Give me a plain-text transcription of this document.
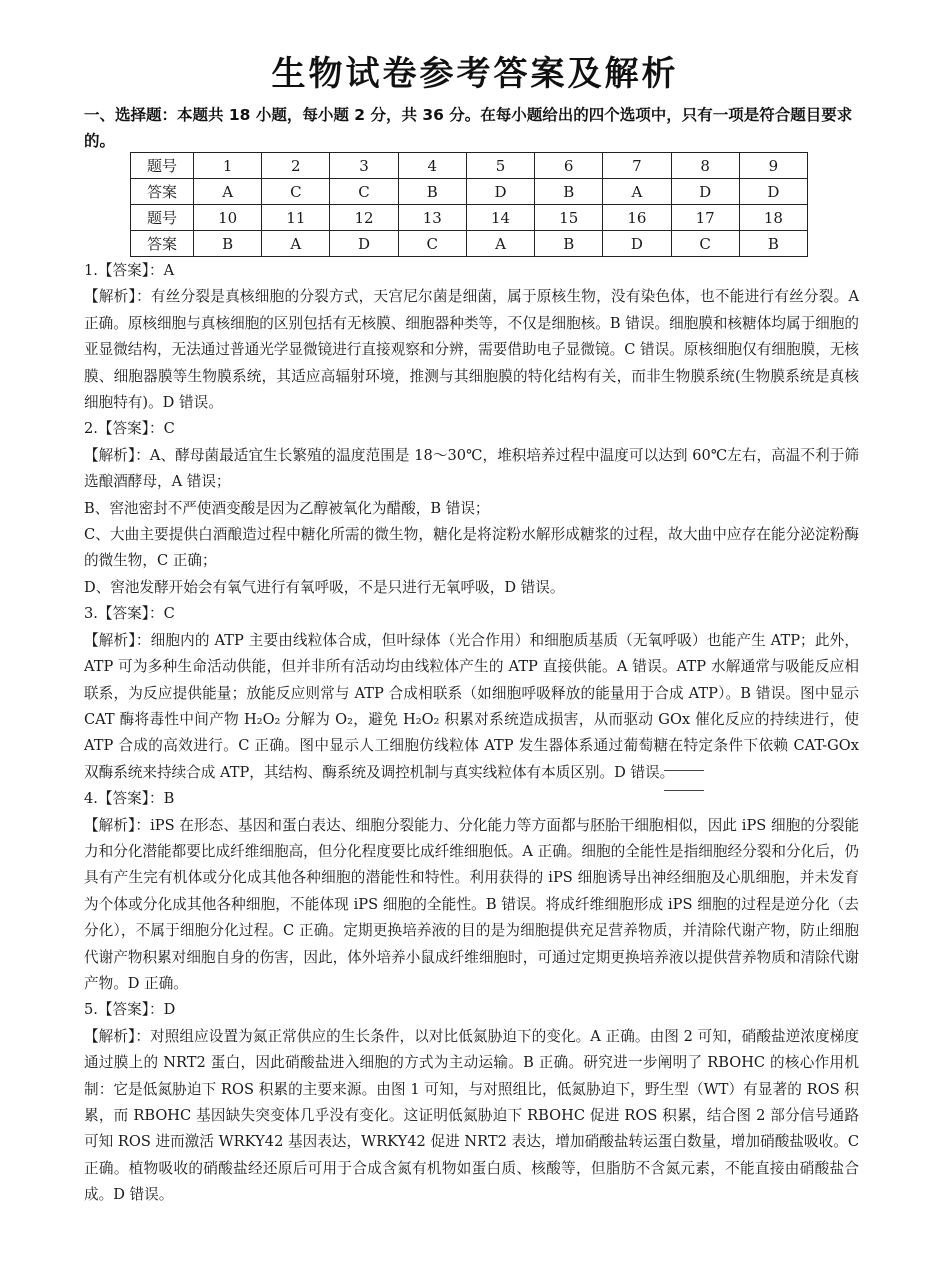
生物试卷参考答案及解析
一、选择题：本题共 18 小题，每小题 2 分，共 36 分。在每小题给出的四个选项中，只有一项是符合题目要求的。
题号	1	2	3	4	5	6	7	8	9
答案	A	C	C	B	D	B	A	D	D
题号	10	11	12	13	14	15	16	17	18
答案	B	A	D	C	A	B	D	C	B

1.【答案】：A

【解析】：有丝分裂是真核细胞的分裂方式，天宫尼尔菌是细菌，属于原核生物，没有染色体，也不能进行有丝分裂。A 正确。原核细胞与真核细胞的区别包括有无核膜、细胞器种类等，不仅是细胞核。B 错误。细胞膜和核糖体均属于细胞的亚显微结构，无法通过普通光学显微镜进行直接观察和分辨，需要借助电子显微镜。C 错误。原核细胞仅有细胞膜，无核膜、细胞器膜等生物膜系统，其适应高辐射环境，推测与其细胞膜的特化结构有关，而非生物膜系统(生物膜系统是真核细胞特有)。D 错误。

2.【答案】：C

【解析】：A、酵母菌最适宜生长繁殖的温度范围是 18～30℃，堆积培养过程中温度可以达到 60℃左右，高温不利于筛选酿酒酵母，A 错误；

B、窖池密封不严使酒变酸是因为乙醇被氧化为醋酸，B 错误；

C、大曲主要提供白酒酿造过程中糖化所需的微生物，糖化是将淀粉水解形成糖浆的过程，故大曲中应存在能分泌淀粉酶的微生物，C 正确；

D、窖池发酵开始会有氧气进行有氧呼吸，不是只进行无氧呼吸，D 错误。

3.【答案】：C

【解析】：细胞内的 ATP 主要由线粒体合成，但叶绿体（光合作用）和细胞质基质（无氧呼吸）也能产生 ATP；此外，ATP 可为多种生命活动供能，但并非所有活动均由线粒体产生的 ATP 直接供能。A 错误。ATP 水解通常与吸能反应相联系，为反应提供能量；放能反应则常与 ATP 合成相联系（如细胞呼吸释放的能量用于合成 ATP）。B 错误。图中显示 CAT 酶将毒性中间产物 H₂O₂ 分解为 O₂，避免 H₂O₂ 积累对系统造成损害，从而驱动 GOx 催化反应的持续进行，使 ATP 合成的高效进行。C 正确。图中显示人工细胞仿线粒体 ATP 发生器体系通过葡萄糖在特定条件下依赖 CAT-GOx 双酶系统来持续合成 ATP，其结构、酶系统及调控机制与真实线粒体有本质区别。D 错误。

4.【答案】：B

【解析】：iPS 在形态、基因和蛋白表达、细胞分裂能力、分化能力等方面都与胚胎干细胞相似，因此 iPS 细胞的分裂能力和分化潜能都要比成纤维细胞高，但分化程度要比成纤维细胞低。A 正确。细胞的全能性是指细胞经分裂和分化后，仍具有产生完有机体或分化成其他各种细胞的潜能性和特性。利用获得的 iPS 细胞诱导出神经细胞及心肌细胞，并未发育为个体或分化成其他各种细胞，不能体现 iPS 细胞的全能性。B 错误。将成纤维细胞形成 iPS 细胞的过程是逆分化（去分化），不属于细胞分化过程。C 正确。定期更换培养液的目的是为细胞提供充足营养物质，并清除代谢产物，防止细胞代谢产物积累对细胞自身的伤害，因此，体外培养小鼠成纤维细胞时，可通过定期更换培养液以提供营养物质和清除代谢产物。D 正确。

5.【答案】：D

【解析】：对照组应设置为氮正常供应的生长条件，以对比低氮胁迫下的变化。A 正确。由图 2 可知，硝酸盐逆浓度梯度通过膜上的 NRT2 蛋白，因此硝酸盐进入细胞的方式为主动运输。B 正确。研究进一步阐明了 RBOHC 的核心作用机制：它是低氮胁迫下 ROS 积累的主要来源。由图 1 可知，与对照组比，低氮胁迫下，野生型（WT）有显著的 ROS 积累，而 RBOHC 基因缺失突变体几乎没有变化。这证明低氮胁迫下 RBOHC 促进 ROS 积累，结合图 2 部分信号通路可知 ROS 进而激活 WRKY42 基因表达，WRKY42 促进 NRT2 表达，增加硝酸盐转运蛋白数量，增加硝酸盐吸收。C 正确。植物吸收的硝酸盐经还原后可用于合成含氮有机物如蛋白质、核酸等，但脂肪不含氮元素，不能直接由硝酸盐合成。D 错误。
